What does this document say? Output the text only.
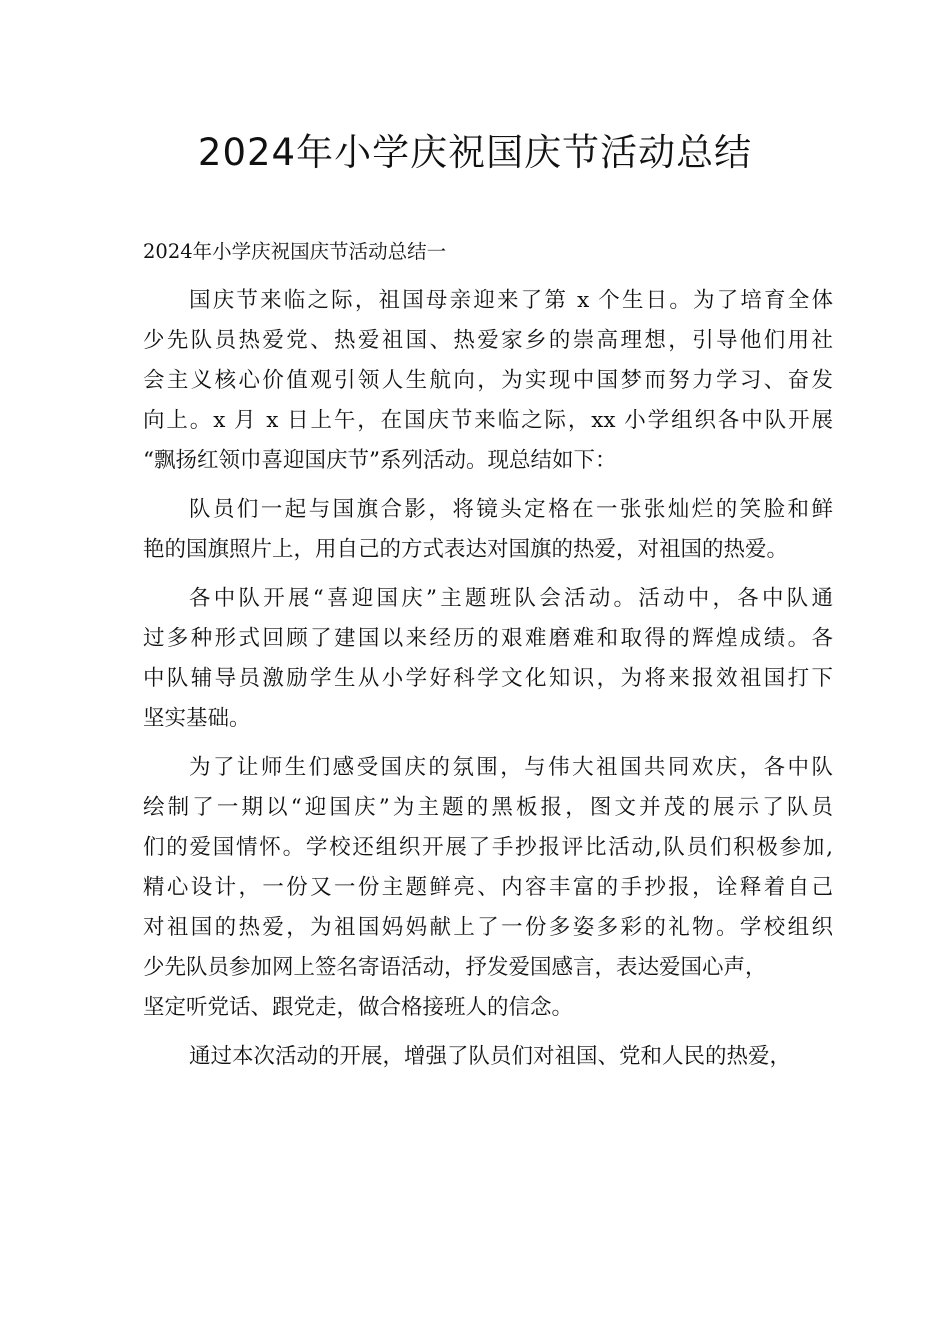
2024年小学庆祝国庆节活动总结
2024年小学庆祝国庆节活动总结一
国庆节来临之际，祖国母亲迎来了第 x 个生日。为了培育全体
少先队员热爱党、热爱祖国、热爱家乡的崇高理想，引导他们用社
会主义核心价值观引领人生航向，为实现中国梦而努力学习、奋发
向上。x 月 x 日上午，在国庆节来临之际，xx 小学组织各中队开展
“飘扬红领巾喜迎国庆节”系列活动。现总结如下：
队员们一起与国旗合影，将镜头定格在一张张灿烂的笑脸和鲜
艳的国旗照片上，用自己的方式表达对国旗的热爱，对祖国的热爱。
各中队开展“喜迎国庆”主题班队会活动。活动中，各中队通
过多种形式回顾了建国以来经历的艰难磨难和取得的辉煌成绩。各
中队辅导员激励学生从小学好科学文化知识，为将来报效祖国打下
坚实基础。
为了让师生们感受国庆的氛围，与伟大祖国共同欢庆，各中队
绘制了一期以“迎国庆”为主题的黑板报，图文并茂的展示了队员
们的爱国情怀。学校还组织开展了手抄报评比活动,队员们积极参加,
精心设计，一份又一份主题鲜亮、内容丰富的手抄报，诠释着自己
对祖国的热爱，为祖国妈妈献上了一份多姿多彩的礼物。学校组织
少先队员参加网上签名寄语活动，抒发爱国感言，表达爱国心声，
坚定听党话、跟党走，做合格接班人的信念。
通过本次活动的开展，增强了队员们对祖国、党和人民的热爱，
